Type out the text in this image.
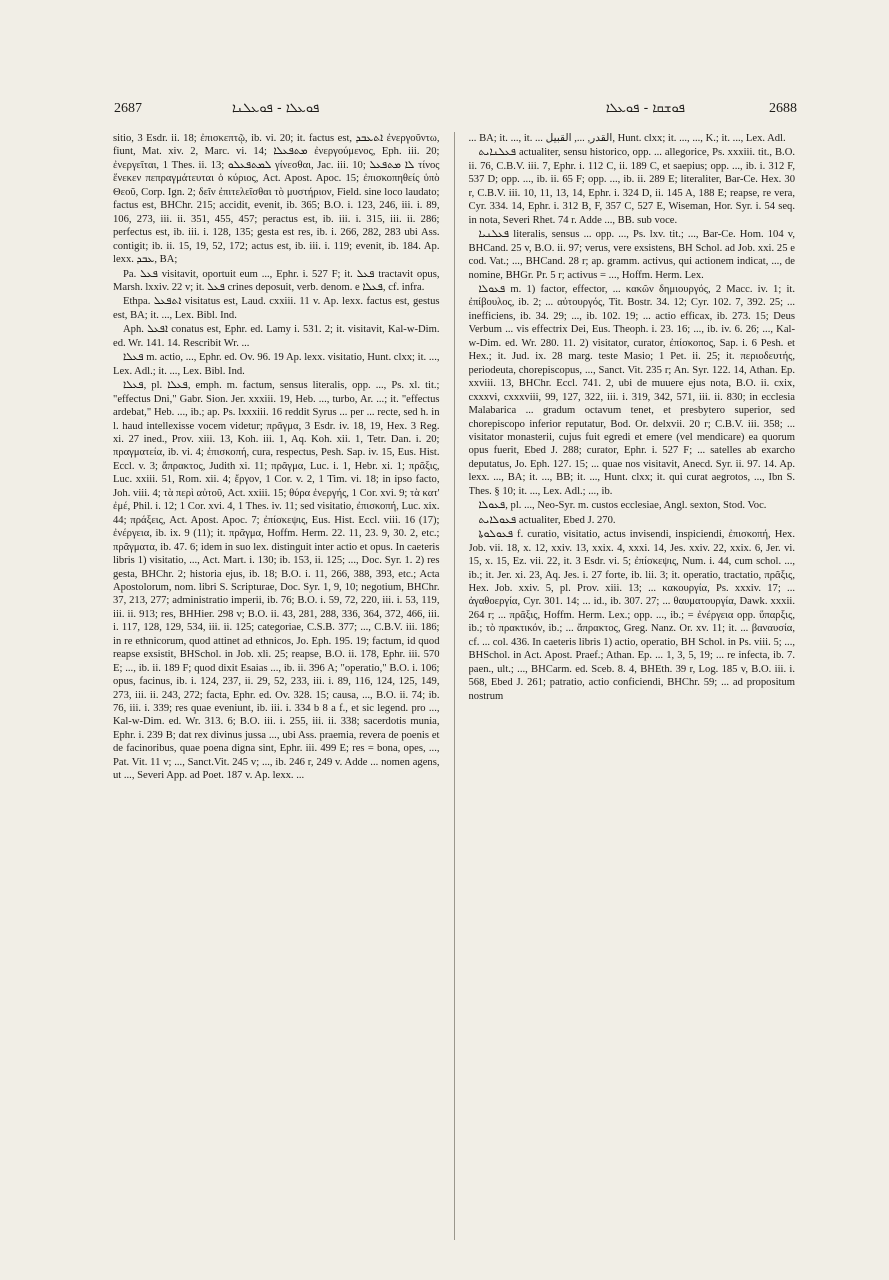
2687	ܦܘܥܠܐ - ܦܘܥܠܢܐ	ܦܘܫܩܐ - ܦܘܥܠܐ	2688

sitio, 3 Esdr. ii. 18; ἐπισκεπτῷ, ib. vi. 20; it. factus est, ܐܬܥܒܕ ἐνεργοῦντω, fiunt, Mat. xiv. 2, Marc. vi. 14; ܡܬܦܥܠܐ ἐνεργούμενος, Eph. iii. 20; ἐνεργεῖται, 1 Thes. ii. 13; ܠܡܬܦܥܠܘ γίνεσθαι, Jac. iii. 10; ܠܐ ܡܬܦܥܠ τίνος ἕνεκεν πεπραγμάτευται ὁ κύριος, Act. Apost. Apoc. 15; ἐπισκοπηθείς ὑπὸ Θεοῦ, Corp. Ign. 2; δεῖν ἐπιτελεῖσθαι τὸ μυστήριον, Field. sine loco laudato; factus est, BHChr. 215; accidit, evenit, ib. 365; B.O. i. 123, 246, iii. i. 89, 106, 273, iii. ii. 351, 455, 457; peractus est, ib. iii. i. 315, iii. ii. 286; perfectus est, ib. iii. i. 128, 135; gesta est res, ib. i. 266, 282, 283 ubi Ass. contigit; ib. ii. 15, 19, 52, 172; actus est, ib. iii. i. 119; evenit, ib. 184. Ap. lexx. ܥܒܕ, BA;

Pa. ܦܥܠ visitavit, oportuit eum ..., Ephr. i. 527 F; it. ܦܥܠ tractavit opus, Marsh. lxxiv. 22 v; it. ܦܥܠ crines deposuit, verb. denom. e ܦܥܠܐ, cf. infra.

Ethpa. ܐܬܦܥܠ visitatus est, Laud. cxxiii. 11 v. Ap. lexx. factus est, gestus est, BA; it. ..., Lex. Bibl. Ind.

Aph. ܐܦܥܠ conatus est, Ephr. ed. Lamy i. 531. 2; it. visitavit, Kal-w-Dim. ed. Wr. 141. 14. Rescribit Wr. ...

ܦܥܠܐ m. actio, ..., Ephr. ed. Ov. 96. 19 Ap. lexx. visitatio, Hunt. clxx; it. ..., Lex. Adl.; it. ..., Lex. Bibl. Ind.

ܦܥܠܐ, pl. ܦܥܠܐ, emph. m. factum, sensus literalis, opp. ..., Ps. xl. tit.; "effectus Dni," Gabr. Sion. Jer. xxxiii. 19, Heb. ..., turbo, Ar. ...; it. "effectus ardebat," Heb. ..., ib.; ap. Ps. lxxxiii. 16 reddit Syrus ... per ... recte, sed h. in l. haud intellexisse vocem videtur; πρᾶγμα, 3 Esdr. iv. 18, 19, Hex. 3 Reg. xi. 27 ined., Prov. xiii. 13, Koh. iii. 1, Aq. Koh. xii. 1, Tetr. Dan. i. 20; πραγματεία, ib. vi. 4; ἐπισκοπή, cura, respectus, Pesh. Sap. iv. 15, Eus. Hist. Eccl. v. 3; ἄπρακτος, Judith xi. 11; πρᾶγμα, Luc. i. 1, Hebr. xi. 1; πρᾶξις, Luc. xxiii. 51, Rom. xii. 4; ἔργον, 1 Cor. v. 2, 1 Tim. vi. 18; in ipso facto, Joh. viii. 4; τὰ περὶ αὐτοῦ, Act. xxiii. 15; θύρα ἐνεργής, 1 Cor. xvi. 9; τὰ κατ' ἐμέ, Phil. i. 12; 1 Cor. xvi. 4, 1 Thes. iv. 11; sed visitatio, ἐπισκοπή, Luc. xix. 44; πράξεις, Act. Apost. Apoc. 7; ἐπίσκεψις, Eus. Hist. Eccl. viii. 16 (17); ἐνέργεια, ib. ix. 9 (11); it. πρᾶγμα, Hoffm. Herm. 22. 11, 23. 9, 30. 2, etc.; πρᾶγματα, ib. 47. 6; idem in suo lex. distinguit inter actio et opus. In caeteris libris 1) visitatio, ..., Act. Mart. i. 130; ib. 153, ii. 125; ..., Doc. Syr. 1. 2) res gesta, BHChr. 2; historia ejus, ib. 18; B.O. i. 11, 266, 388, 393, etc.; Acta Apostolorum, nom. libri S. Scripturae, Doc. Syr. 1, 9, 10; negotium, BHChr. 37, 213, 277; administratio imperii, ib. 76; B.O. i. 59, 72, 220, iii. i. 53, 119, iii. ii. 913; res, BHHier. 298 v; B.O. ii. 43, 281, 288, 336, 364, 372, 466, iii. i. 117, 128, 129, 534, iii. ii. 125; categoriae, C.S.B. 377; ..., C.B.V. iii. 186; in re ethnicorum, quod attinet ad ethnicos, Jo. Eph. 195. 19; factum, id quod reapse exsistit, BHSchol. in Job. xli. 25; reapse, B.O. ii. 178, Ephr. iii. 570 E; ..., ib. ii. 189 F; quod dixit Esaias ..., ib. ii. 396 A; "operatio," B.O. i. 106; opus, facinus, ib. i. 124, 237, ii. 29, 52, 233, iii. i. 89, 116, 124, 125, 149, 273, iii. ii. 243, 272; facta, Ephr. ed. Ov. 328. 15; causa, ..., B.O. ii. 74; ib. 76, iii. i. 339; res quae eveniunt, ib. iii. i. 334 b 8 a f., et sic legend. pro ..., Kal-w-Dim. ed. Wr. 313. 6; B.O. iii. i. 255, iii. ii. 338; sacerdotis munia, Ephr. i. 239 B; dat rex divinus jussa ..., ubi Ass. praemia, revera de poenis et de facinoribus, quae poena digna sint, Ephr. iii. 499 E; res = bona, opes, ..., Pat. Vit. 11 v; ..., Sanct.Vit. 245 v; ..., ib. 246 r, 249 v. Adde ... nomen agens, ut ..., Severi App. ad Poet. 187 v. Ap. lexx. ...

... BA; it. ..., it. ... القدر, ..., القبيل, Hunt. clxx; it. ..., ..., K.; it. ..., Lex. Adl.

ܦܥܠܢܐܝܬ actualiter, sensu historico, opp. ... allegorice, Ps. xxxiii. tit., B.O. ii. 76, C.B.V. iii. 7, Ephr. i. 112 C, ii. 189 C, et saepius; opp. ..., ib. i. 312 F, 537 D; opp. ..., ib. ii. 65 F; opp. ..., ib. ii. 289 E; literaliter, Bar-Ce. Hex. 30 r, C.B.V. iii. 10, 11, 13, 14, Ephr. i. 324 D, ii. 145 A, 188 E; reapse, re vera, Cyr. 334. 14, Ephr. i. 312 B, F, 357 C, 527 E, Wiseman, Hor. Syr. i. 54 seq. in nota, Severi Rhet. 74 r. Adde ..., BB. sub voce.

ܦܥܠܢܝܐ literalis, sensus ... opp. ..., Ps. lxv. tit.; ..., Bar-Ce. Hom. 104 v, BHCand. 25 v, B.O. ii. 97; verus, vere exsistens, BH Schol. ad Job. xxi. 25 e cod. Vat.; ..., BHCand. 28 r; ap. gramm. activus, qui actionem indicat, ..., de nomine, BHGr. Pr. 5 r; activus = ..., Hoffm. Herm. Lex.

ܦܥܘܠܐ m. 1) factor, effector, ... κακῶν δημιουργός, 2 Macc. iv. 1; it. ἐπίβουλος, ib. 2; ... αὐτουργός, Tit. Bostr. 34. 12; Cyr. 102. 7, 392. 25; ... inefficiens, ib. 34. 29; ..., ib. 102. 19; ... actio efficax, ib. 273. 15; Deus Verbum ... vis effectrix Dei, Eus. Theoph. i. 23. 16; ..., ib. iv. 6. 26; ..., Kal-w-Dim. ed. Wr. 280. 11. 2) visitator, curator, ἐπίσκοπος, Sap. i. 6 Pesh. et Hex.; it. Jud. ix. 28 marg. teste Masio; 1 Pet. ii. 25; it. περιοδευτής, periodeuta, chorepiscopus, ..., Sanct. Vit. 235 r; An. Syr. 122. 14, Athan. Ep. xxviii. 13, BHChr. Eccl. 741. 2, ubi de muuere ejus nota, B.O. ii. cxix, cxxxvi, cxxxviii, 99, 127, 322, iii. i. 319, 342, 571, iii. ii. 830; in ecclesia Malabarica ... gradum octavum tenet, et presbytero superior, sed chorepiscopo inferior reputatur, Bod. Or. delxvii. 20 r; C.B.V. iii. 358; ... visitator monasterii, cujus fuit egredi et emere (vel mendicare) ea quorum opus fuerit, Ebed J. 288; curator, Ephr. i. 527 F; ... satelles ab exarcho deputatus, Jo. Eph. 127. 15; ... quae nos visitavit, Anecd. Syr. ii. 97. 14. Ap. lexx. ..., BA; it. ..., BB; it. ..., Hunt. clxx; it. qui curat aegrotos, ..., Ibn S. Thes. § 10; it. ..., Lex. Adl.; ..., ib.

ܦܥܘܠܐ, pl. ..., Neo-Syr. m. custos ecclesiae, Angl. sexton, Stod. Voc.

ܦܥܘܠܐܝܬ actualiter, Ebed J. 270.

ܦܥܘܠܘܬܐ f. curatio, visitatio, actus invisendi, inspiciendi, ἐπισκοπή, Hex. Job. vii. 18, x. 12, xxiv. 13, xxix. 4, xxxi. 14, Jes. xxiv. 22, xxix. 6, Jer. vi. 15, x. 15, Ez. vii. 22, it. 3 Esdr. vi. 5; ἐπίσκεψις, Num. i. 44, cum schol. ..., ib.; it. Jer. xi. 23, Aq. Jes. i. 27 forte, ib. lii. 3; it. operatio, tractatio, πρᾶξις, Hex. Job. xxiv. 5, pl. Prov. xiii. 13; ... κακουργία, Ps. xxxiv. 17; ... ἀγαθοεργία, Cyr. 301. 14; ... id., ib. 307. 27; ... θαυματουργία, Dawk. xxxii. 264 r; ... πρᾶξις, Hoffm. Herm. Lex.; opp. ..., ib.; = ἐνέργεια opp. ὕπαρξις, ib.; τὸ πρακτικόν, ib.; ... ἄπρακτος, Greg. Nanz. Or. xv. 11; it. ... βαναυσία, cf. ... col. 436. In caeteris libris 1) actio, operatio, BH Schol. in Ps. viii. 5; ..., BHSchol. in Act. Apost. Praef.; Athan. Ep. ... 1, 3, 5, 19; ... re infecta, ib. 7. paen., ult.; ..., BHCarm. ed. Sceb. 8. 4, BHEth. 39 r, Log. 185 v, B.O. iii. i. 568, Ebed J. 261; patratio, actio conficiendi, BHChr. 59; ... ad propositum nostrum
